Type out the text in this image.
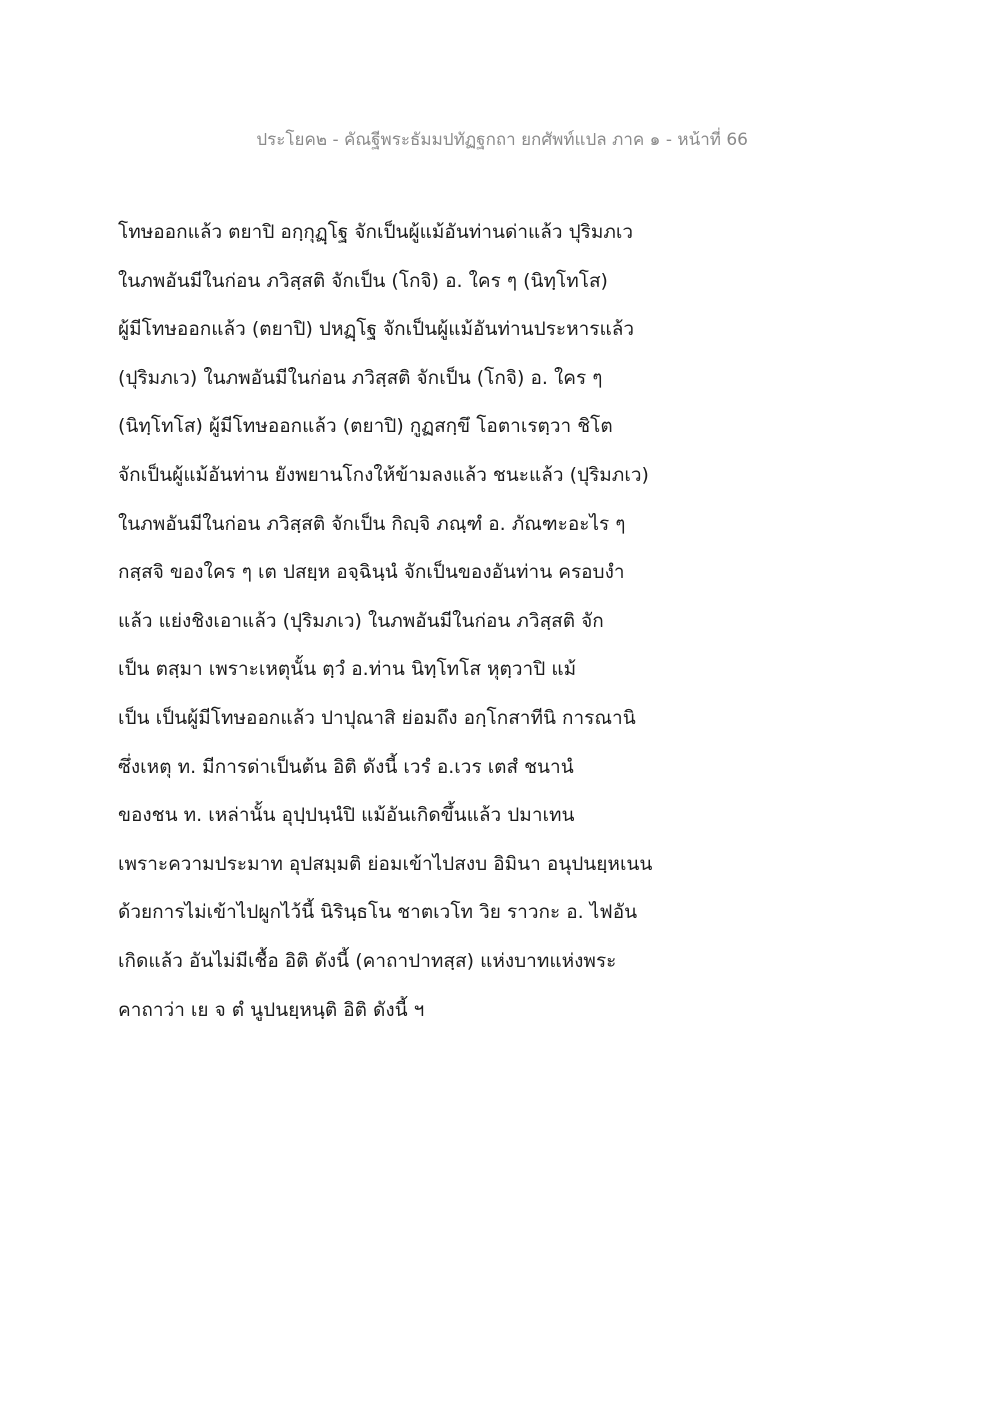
ประโยค๒ - คัณฐีพระธัมมปทัฏฐกถา ยกศัพท์แปล ภาค ๑ - หน้าที่ 66
โทษออกแล้ว ตยาปิ อกฺกุฏฺโฐ จักเป็นผู้แม้อันท่านด่าแล้ว ปุริมภเว
ในภพอันมีในก่อน ภวิสฺสติ จักเป็น (โกจิ) อ. ใคร ๆ (นิทฺโทโส)
ผู้มีโทษออกแล้ว (ตยาปิ) ปหฏฺโฐ จักเป็นผู้แม้อันท่านประหารแล้ว
(ปุริมภเว) ในภพอันมีในก่อน ภวิสฺสติ จักเป็น (โกจิ) อ. ใคร ๆ
(นิทฺโทโส) ผู้มีโทษออกแล้ว (ตยาปิ) กูฏสกฺขึ โอตาเรตฺวา ชิโต
จักเป็นผู้แม้อันท่าน ยังพยานโกงให้ข้ามลงแล้ว ชนะแล้ว (ปุริมภเว)
ในภพอันมีในก่อน ภวิสฺสติ จักเป็น กิญฺจิ ภณฺฑํ อ. ภัณฑะอะไร ๆ
กสฺสจิ ของใคร ๆ เต ปสยฺห อจฺฉินฺนํ จักเป็นของอันท่าน ครอบงำ
แล้ว แย่งชิงเอาแล้ว (ปุริมภเว) ในภพอันมีในก่อน ภวิสฺสติ จัก
เป็น ตสฺมา เพราะเหตุนั้น ตฺวํ อ.ท่าน นิทฺโทโส หุตฺวาปิ แม้
เป็น เป็นผู้มีโทษออกแล้ว ปาปุณาสิ ย่อมถึง อกฺโกสาทีนิ การณานิ
ซึ่งเหตุ ท. มีการด่าเป็นต้น อิติ ดังนี้ เวรํ อ.เวร เตสํ ชนานํ
ของชน ท. เหล่านั้น อุปฺปนฺนํปิ แม้อันเกิดขึ้นแล้ว ปมาเทน
เพราะความประมาท อุปสมฺมติ ย่อมเข้าไปสงบ อิมินา อนุปนยฺหเนน
ด้วยการไม่เข้าไปผูกไว้นี้ นิรินฺธโน ชาตเวโท วิย ราวกะ อ. ไฟอัน
เกิดแล้ว อันไม่มีเชื้อ อิติ ดังนี้ (คาถาปาทสฺส) แห่งบาทแห่งพระ
คาถาว่า เย จ ตํ นูปนยฺหนฺติ อิติ ดังนี้ ฯ
